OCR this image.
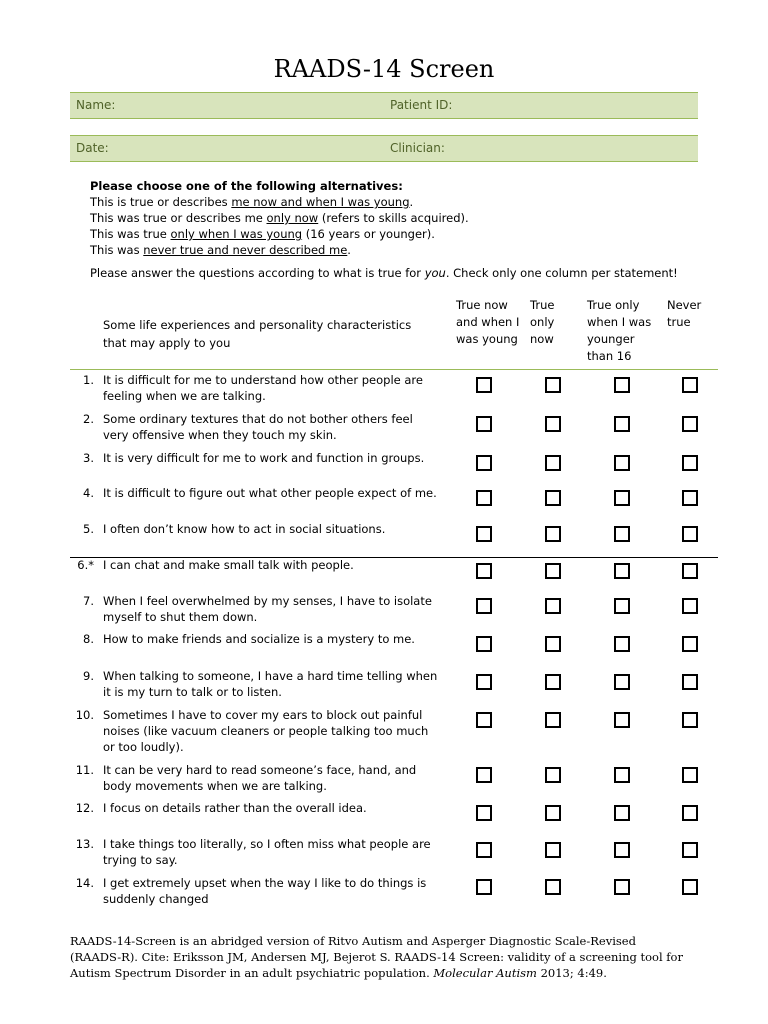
RAADS-14 Screen
Name:	Patient ID:
Date:	Clinician:
Please choose one of the following alternatives:
This is true or describes me now and when I was young.
This was true or describes me only now (refers to skills acquired).
This was true only when I was young (16 years or younger).
This was never true and never described me.
Please answer the questions according to what is true for you. Check only one column per statement!
Some life experiences and personality characteristics
that may apply to you
True now
and when I
was young
True
only
now
True only
when I was
younger
than 16
Never
true
1. It is difficult for me to understand how other people are
feeling when we are talking.
2. Some ordinary textures that do not bother others feel
very offensive when they touch my skin.
3. It is very difficult for me to work and function in groups.
4. It is difficult to figure out what other people expect of me.
5. I often don’t know how to act in social situations.
6.* I can chat and make small talk with people.
7. When I feel overwhelmed by my senses, I have to isolate
myself to shut them down.
8. How to make friends and socialize is a mystery to me.
9. When talking to someone, I have a hard time telling when
it is my turn to talk or to listen.
10. Sometimes I have to cover my ears to block out painful
noises (like vacuum cleaners or people talking too much
or too loudly).
11. It can be very hard to read someone’s face, hand, and
body movements when we are talking.
12. I focus on details rather than the overall idea.
13. I take things too literally, so I often miss what people are
trying to say.
14. I get extremely upset when the way I like to do things is
suddenly changed
RAADS-14-Screen is an abridged version of Ritvo Autism and Asperger Diagnostic Scale-Revised
(RAADS-R). Cite: Eriksson JM, Andersen MJ, Bejerot S. RAADS-14 Screen: validity of a screening tool for
Autism Spectrum Disorder in an adult psychiatric population. Molecular Autism 2013; 4:49.
